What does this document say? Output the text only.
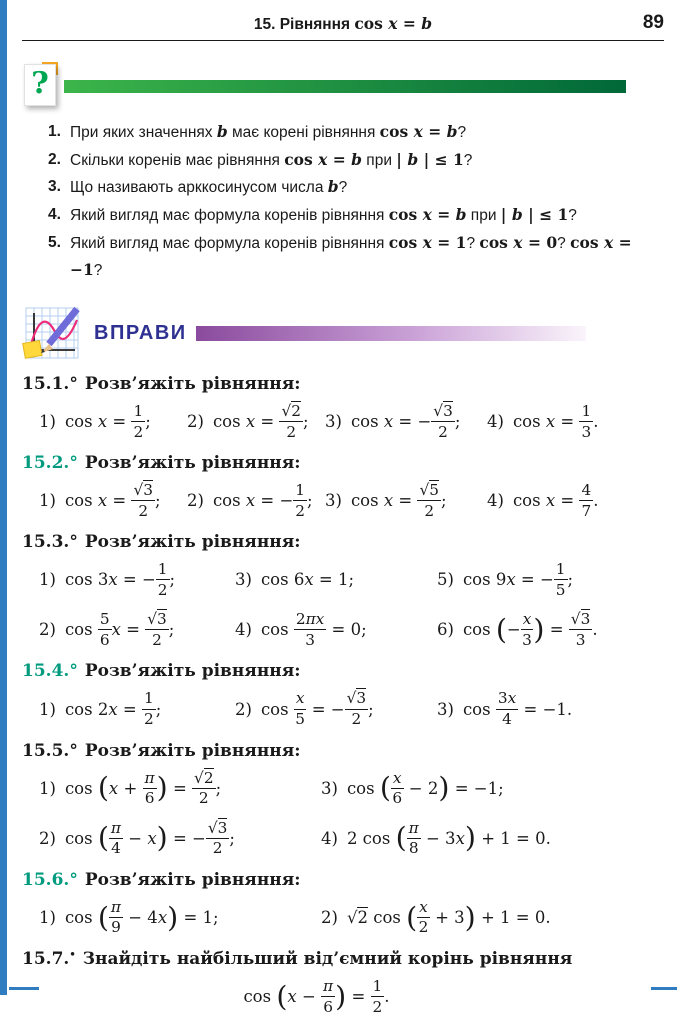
15. Рівняння cos x = b	89
?
1. При яких значеннях b має корені рівняння cos x = b?
2. Скільки коренів має рівняння cos x = b при | b | ≤ 1?
3. Що називають арккосинусом числа b?
4. Який вигляд має формула коренів рівняння cos x = b при | b | ≤ 1?
5. Який вигляд має формула коренів рівняння cos x = 1? cos x = 0? cos x = −1?
ВПРАВИ
15.1.° Розв’яжіть рівняння:
1) $\cos x = \frac{1}{2}$ ;	2) $\cos x = \frac{√2}{2}$ ; 3) cos x = − $\frac{√3}{2}$ ;	4) $\cos x = \frac{1}{3}$ .
15.2.° Розв’яжіть рівняння:
1) $\cos x = \frac{√3}{2}$ ;	2) cos x = − $\frac{1}{2}$ ; 3) $\cos x = \frac{√5}{2}$ ;	4) $\cos x = \frac{4}{7}$ .
15.3.° Розв’яжіть рівняння:
1) cos 3x = − $\frac{1}{2}$ ;	3) cos 6x = 1;	5) cos 9x = − $\frac{1}{5}$ ;
2) $\cos \frac{5}{6}$ $x = \frac{√3}{2}$ ;	4) $\cos \frac{2\pi x}{3} = 0$;	6) cos (− $\frac{x}{3}$ ) = $\frac{√3}{3}$ .
15.4.° Розв’яжіть рівняння:
1) $\cos 2x = \frac{1}{2}$ ;	2) $\cos \frac{x}{5}$ = − $\frac{√3}{2}$ ;	3) $\cos \frac{3x}{4} = -1$.
15.5.° Розв’яжіть рівняння:
1) $\cos (x + \frac{\pi}{6}$ ) = $\frac{√2}{2}$ ;	3) cos ( $\frac{x}{6} - 2) = -1$;
2) cos ( $\frac{\pi}{4} - x$) = − $\frac{√3}{2}$ ;	4) 2 cos ( $\frac{\pi}{8} - 3x) + 1 = 0$.
15.6.° Розв’яжіть рівняння:
1) cos ( $\frac{\pi}{9} - 4x) = 1$;	2) √2 cos ( $\frac{x}{2} + 3) + 1 = 0$.
15.7.• Знайдіть найбільший від’ємний корінь рівняння
$\cos (x - \frac{\pi}{6}$ ) = $\frac{1}{2}$ .
